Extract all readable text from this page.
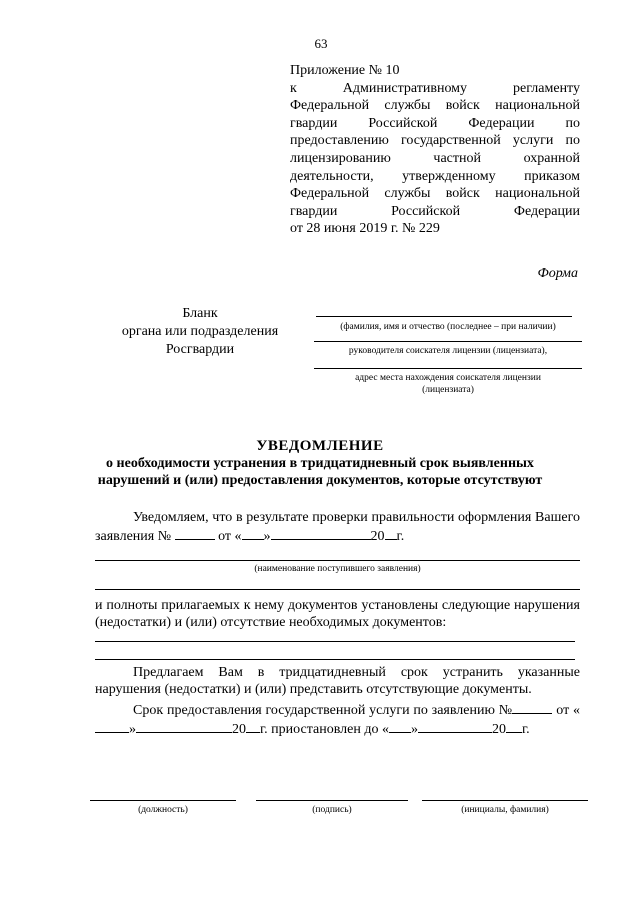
63
Приложение № 10
к Административному регламенту
Федеральной службы войск национальной
гвардии Российской Федерации по
предоставлению государственной услуги по
лицензированию частной охранной
деятельности, утвержденному приказом
Федеральной службы войск национальной
гвардии Российской Федерации
от 28 июня 2019 г. № 229
Форма
Бланк
органа или подразделения
Росгвардии
(фамилия, имя и отчество (последнее – при наличии)
руководителя соискателя лицензии (лицензиата),
адрес места нахождения соискателя лицензии
(лицензиата)
УВЕДОМЛЕНИЕ
о необходимости устранения в тридцатидневный срок выявленных
нарушений и (или) предоставления документов, которые отсутствуют
Уведомляем, что в результате проверки правильности оформления Вашего заявления №	от « »	20 г.
(наименование поступившего заявления)
и полноты прилагаемых к нему документов установлены следующие нарушения (недостатки) и (или) отсутствие необходимых документов:
Предлагаем Вам в тридцатидневный срок устранить указанные нарушения (недостатки) и (или) представить отсутствующие документы.
Срок предоставления государственной услуги по заявлению №	от «»	20 г. приостановлен до « »	20 г.
(должность)	(подпись)	(инициалы, фамилия)
